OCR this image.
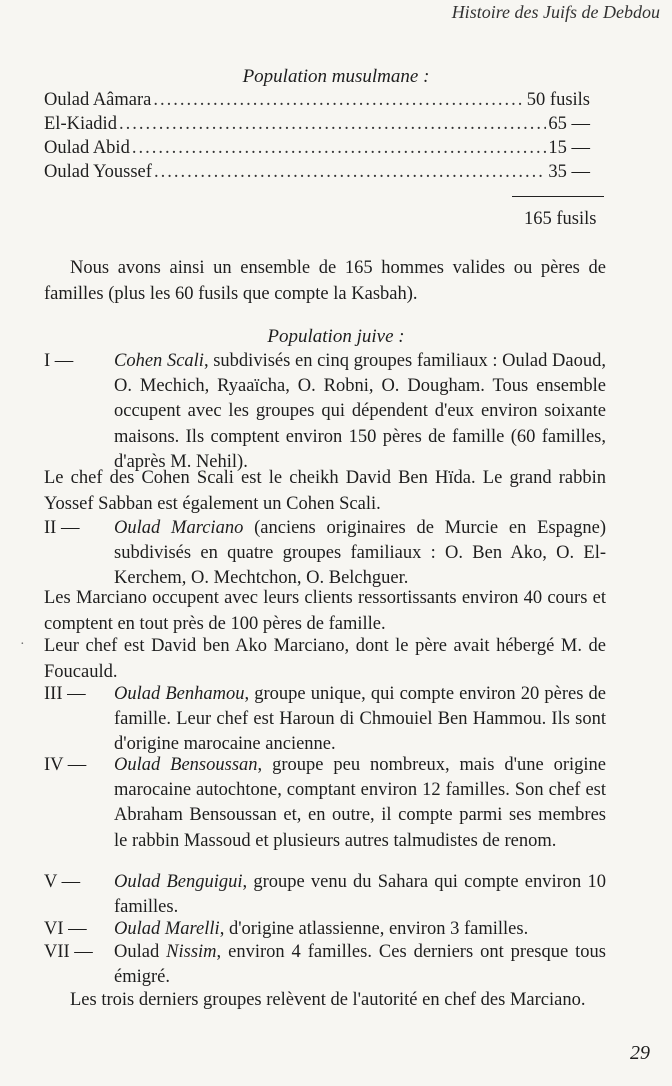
Histoire des Juifs de Debdou
Population musulmane :
Oulad Aâmara .....	50 fusils
El-Kiadid .....	65 —
Oulad Abid .....	15 —
Oulad Youssef .....	35 —
165 fusils

Nous avons ainsi un ensemble de 165 hommes valides ou pères de familles (plus les 60 fusils que compte la Kasbah).

Population juive :
I — Cohen Scali, subdivisés en cinq groupes familiaux : Oulad Daoud, O. Mechich, Ryaaïcha, O. Robni, O. Dougham. Tous ensemble occupent avec les groupes qui dépendent d'eux environ soixante maisons. Ils comptent environ 150 pères de famille (60 familles, d'après M. Nehil).

Le chef des Cohen Scali est le cheikh David Ben Hïda. Le grand rabbin Yossef Sabban est également un Cohen Scali.

II — Oulad Marciano (anciens originaires de Murcie en Espagne) subdivisés en quatre groupes familiaux : O. Ben Ako, O. El-Kerchem, O. Mechtchon, O. Belchguer.

Les Marciano occupent avec leurs clients ressortissants environ 40 cours et comptent en tout près de 100 pères de famille.

Leur chef est David ben Ako Marciano, dont le père avait hébergé M. de Foucauld.

·
III — Oulad Benhamou, groupe unique, qui compte environ 20 pères de famille. Leur chef est Haroun di Chmouiel Ben Hammou. Ils sont d'origine marocaine ancienne.
IV — Oulad Bensoussan, groupe peu nombreux, mais d'une origine marocaine autochtone, comptant environ 12 familles. Son chef est Abraham Bensoussan et, en outre, il compte parmi ses membres le rabbin Massoud et plusieurs autres talmudistes de renom.
V — Oulad Benguigui, groupe venu du Sahara qui compte environ 10 familles.
VI — Oulad Marelli, d'origine atlassienne, environ 3 familles.
VII — Oulad Nissim, environ 4 familles. Ces derniers ont presque tous émigré.

Les trois derniers groupes relèvent de l'autorité en chef des Marciano.

29
